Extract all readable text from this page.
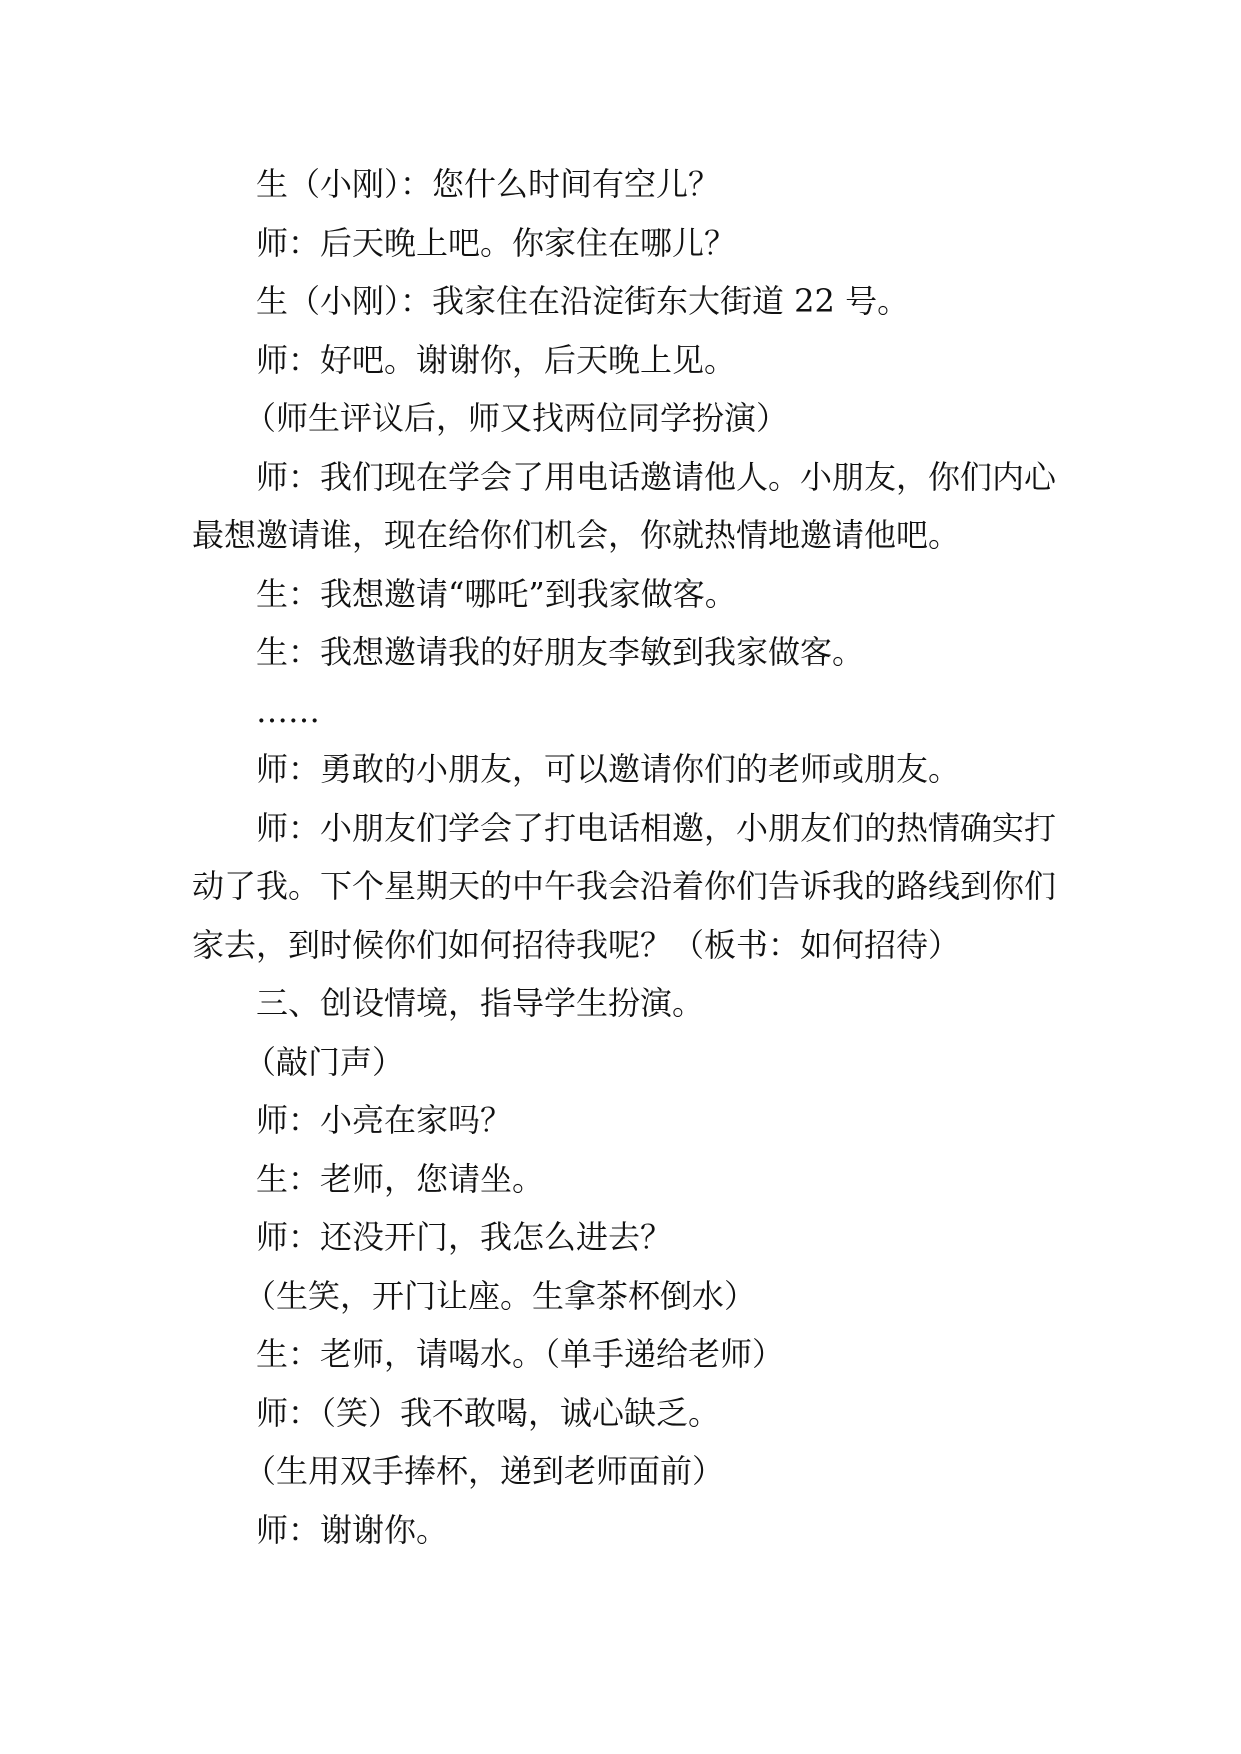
生（小刚）：您什么时间有空儿？

师：后天晚上吧。你家住在哪儿？

生（小刚）：我家住在沿淀街东大街道 22 号。

师：好吧。谢谢你，后天晚上见。

（师生评议后，师又找两位同学扮演）

师：我们现在学会了用电话邀请他人。小朋友，你们内心最想邀请谁，现在给你们机会，你就热情地邀请他吧。

生：我想邀请“哪吒”到我家做客。

生：我想邀请我的好朋友李敏到我家做客。

……

师：勇敢的小朋友，可以邀请你们的老师或朋友。

师：小朋友们学会了打电话相邀，小朋友们的热情确实打动了我。下个星期天的中午我会沿着你们告诉我的路线到你们家去，到时候你们如何招待我呢？（板书：如何招待）

三、创设情境，指导学生扮演。

（敲门声）

师：小亮在家吗？

生：老师，您请坐。

师：还没开门，我怎么进去？

（生笑，开门让座。生拿茶杯倒水）

生：老师，请喝水。（单手递给老师）

师：（笑）我不敢喝，诚心缺乏。

（生用双手捧杯，递到老师面前）

师：谢谢你。
